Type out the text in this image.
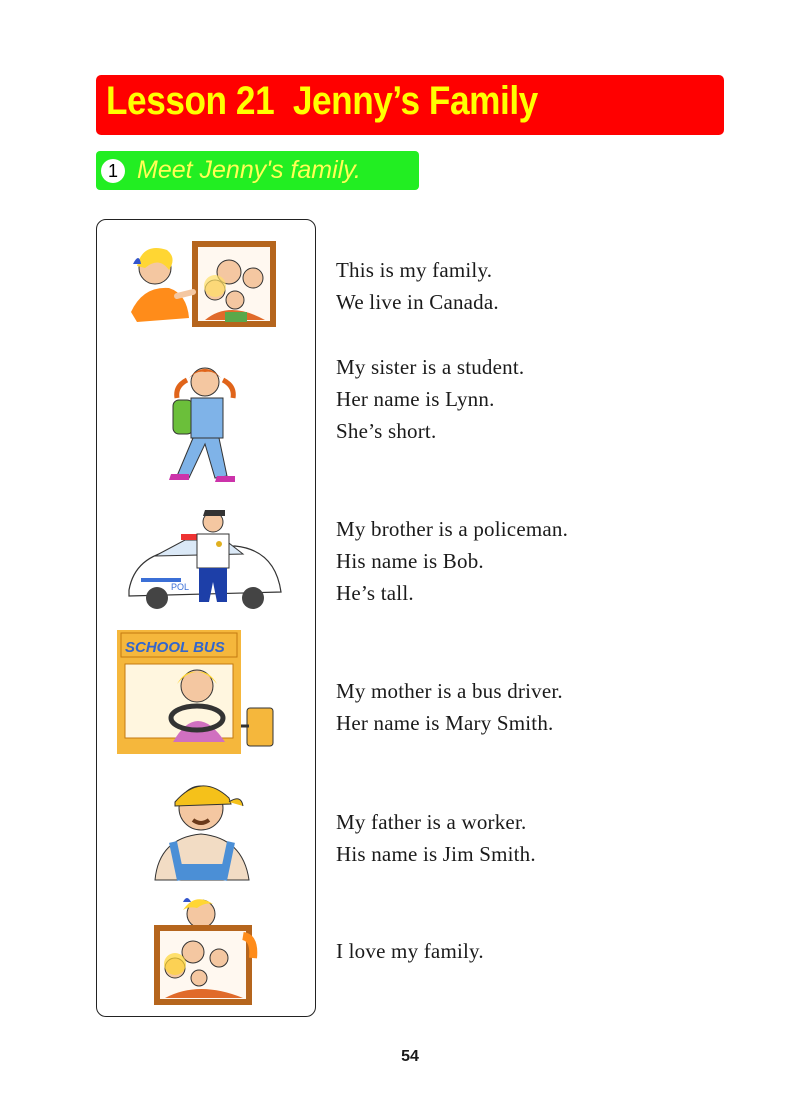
Lesson 21  Jenny’s Family
1 Meet Jenny's family.
POL
SCHOOL BUS
This is my family.
We live in Canada.
My sister is a student.
Her name is Lynn.
She’s short.
My brother is a policeman.
His name is Bob.
He’s tall.
My mother is a bus driver.
Her name is Mary Smith.
My father is a worker.
His name is Jim Smith.
I love my family.
54
